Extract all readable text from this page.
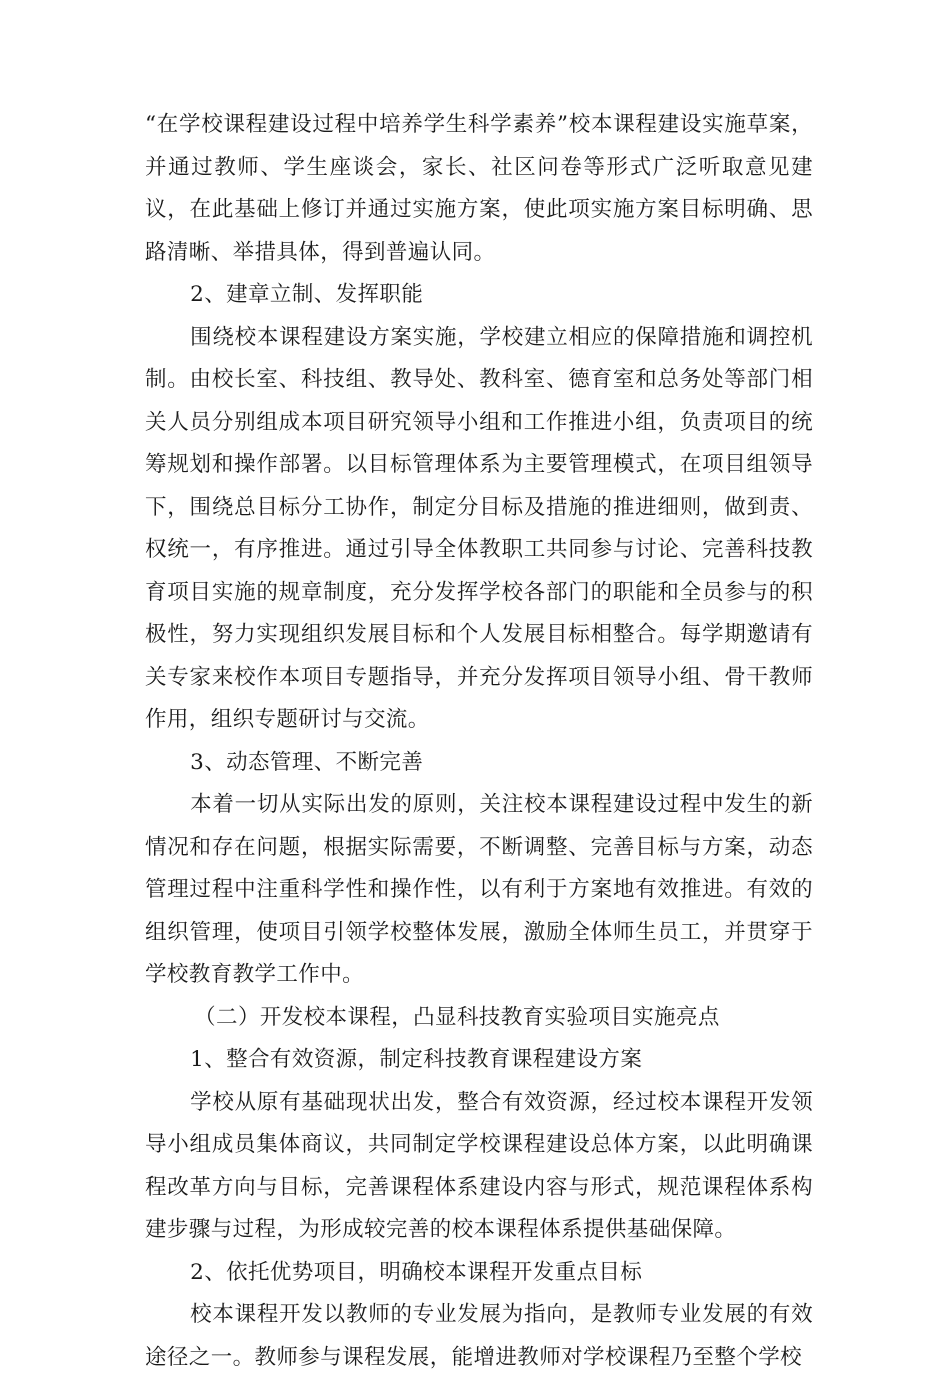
“在学校课程建设过程中培养学生科学素养”校本课程建设实施草案，并通过教师、学生座谈会，家长、社区问卷等形式广泛听取意见建议，在此基础上修订并通过实施方案，使此项实施方案目标明确、思路清晰、举措具体，得到普遍认同。

2、建章立制、发挥职能

围绕校本课程建设方案实施，学校建立相应的保障措施和调控机制。由校长室、科技组、教导处、教科室、德育室和总务处等部门相关人员分别组成本项目研究领导小组和工作推进小组，负责项目的统筹规划和操作部署。以目标管理体系为主要管理模式，在项目组领导下，围绕总目标分工协作，制定分目标及措施的推进细则，做到责、权统一，有序推进。通过引导全体教职工共同参与讨论、完善科技教育项目实施的规章制度，充分发挥学校各部门的职能和全员参与的积极性，努力实现组织发展目标和个人发展目标相整合。每学期邀请有关专家来校作本项目专题指导，并充分发挥项目领导小组、骨干教师作用，组织专题研讨与交流。

3、动态管理、不断完善

本着一切从实际出发的原则，关注校本课程建设过程中发生的新情况和存在问题，根据实际需要，不断调整、完善目标与方案，动态管理过程中注重科学性和操作性，以有利于方案地有效推进。有效的组织管理，使项目引领学校整体发展，激励全体师生员工，并贯穿于学校教育教学工作中。

（二）开发校本课程，凸显科技教育实验项目实施亮点

1、整合有效资源，制定科技教育课程建设方案

学校从原有基础现状出发，整合有效资源，经过校本课程开发领导小组成员集体商议，共同制定学校课程建设总体方案，以此明确课程改革方向与目标，完善课程体系建设内容与形式，规范课程体系构建步骤与过程，为形成较完善的校本课程体系提供基础保障。

2、依托优势项目，明确校本课程开发重点目标

校本课程开发以教师的专业发展为指向，是教师专业发展的有效途径之一。教师参与课程发展，能增进教师对学校课程乃至整个学校
